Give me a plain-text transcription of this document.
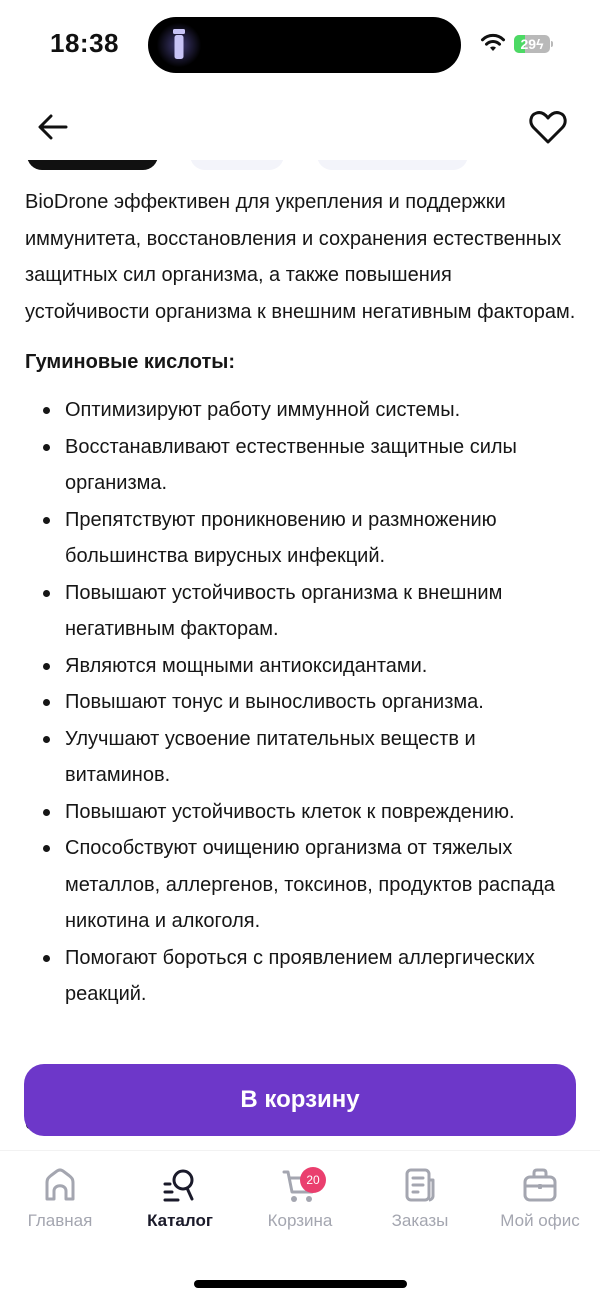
18:38	29ϟ

BioDrone эффективен для укрепления и поддержки иммунитета, восстановления и сохранения естественных защитных сил организма, а также повышения устойчивости организма к внешним негативным факторам.

Гуминовые кислоты:
Оптимизируют работу иммунной системы.
Восстанавливают естественные защитные силы организма.
Препятствуют проникновению и размножению большинства вирусных инфекций.
Повышают устойчивость организма к внешним негативным факторам.
Являются мощными антиоксидантами.
Повышают тонус и выносливость организма.
Улучшают усвоение питательных веществ и витаминов.
Повышают устойчивость клеток к повреждению.
Способствуют очищению организма от тяжелых металлов, аллергенов, токсинов, продуктов распада никотина и алкоголя.
Помогают бороться с проявлением аллергических реакций.
В корзину
Главная	Каталог
20
Корзина	Заказы	Мой офис
